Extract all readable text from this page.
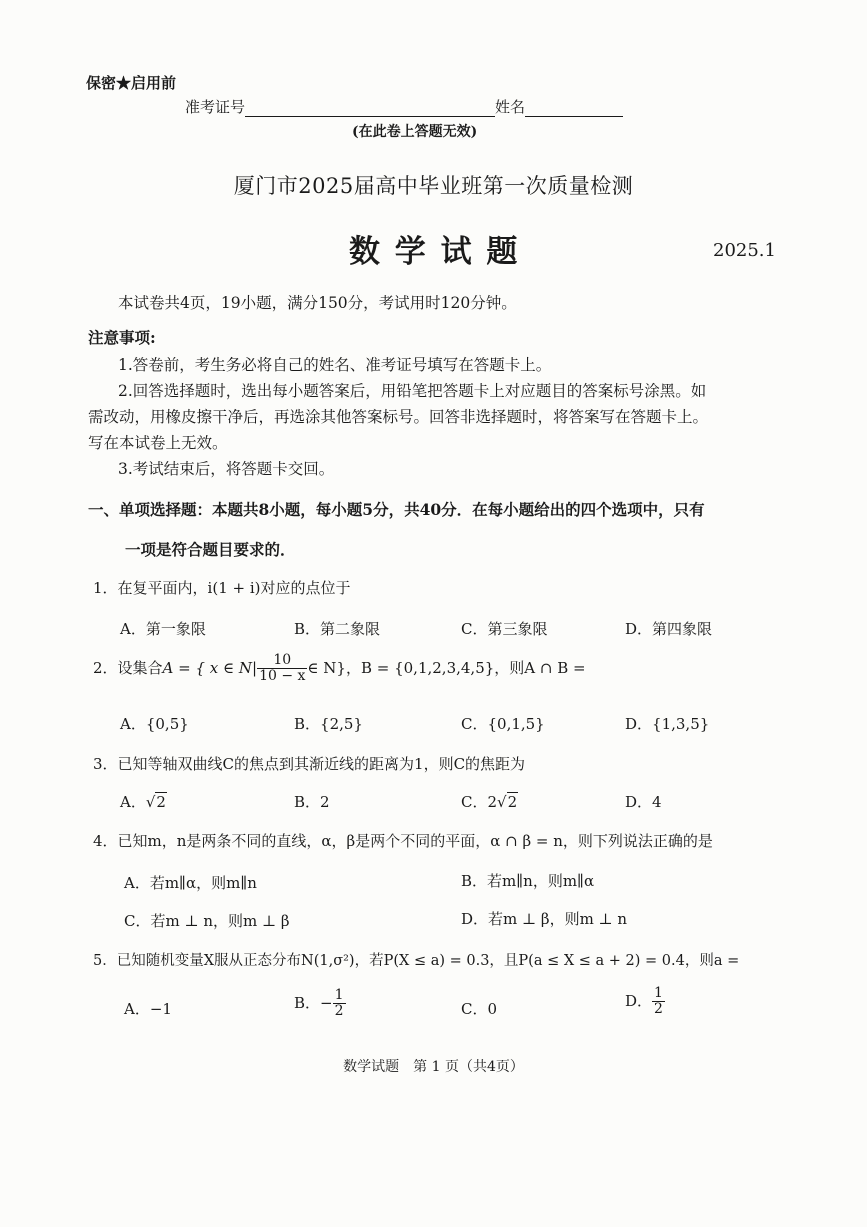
保密★启用前
准考证号	姓名
(在此卷上答题无效)
厦门市2025届高中毕业班第一次质量检测
数 学 试 题	2025.1
本试卷共4页，19小题，满分150分，考试用时120分钟。
注意事项:
1.答卷前，考生务必将自己的姓名、准考证号填写在答题卡上。
2.回答选择题时，选出每小题答案后，用铅笔把答题卡上对应题目的答案标号涂黑。如
需改动，用橡皮擦干净后，再选涂其他答案标号。回答非选择题时，将答案写在答题卡上。
写在本试卷上无效。
3.考试结束后，将答题卡交回。
一、单项选择题：本题共8小题，每小题5分，共40分．在每小题给出的四个选项中，只有
一项是符合题目要求的．
1．在复平面内，i(1 + i)对应的点位于
A．第一象限	B．第二象限	C．第三象限	D．第四象限
2．设集合A = { x ∈ $N| \frac{10}{10 - x}$ ∈ N}，B = {0,1,2,3,4,5}，则A ∩ B =
A．{0,5}	B．{2,5}	C．{0,1,5}	D．{1,3,5}
3．已知等轴双曲线C的焦点到其渐近线的距离为1，则C的焦距为
A．√2	B．2	C．2√2	D．4
4．已知m，n是两条不同的直线，α，β是两个不同的平面，α ∩ β = n，则下列说法正确的是
A．若m∥α，则m∥n	B．若m∥n，则m∥α
C．若m ⊥ n，则m ⊥ β	D．若m ⊥ β，则m ⊥ n
5．已知随机变量X服从正态分布N(1,σ²)，若P(X ≤ a) = 0.3，且P(a ≤ X ≤ a + 2) = 0.4，则a =
A．−1	B．− $\frac{1}{2}$	C．0	D． $\frac{1}{2}$
数学试题　第 1 页（共4页）
